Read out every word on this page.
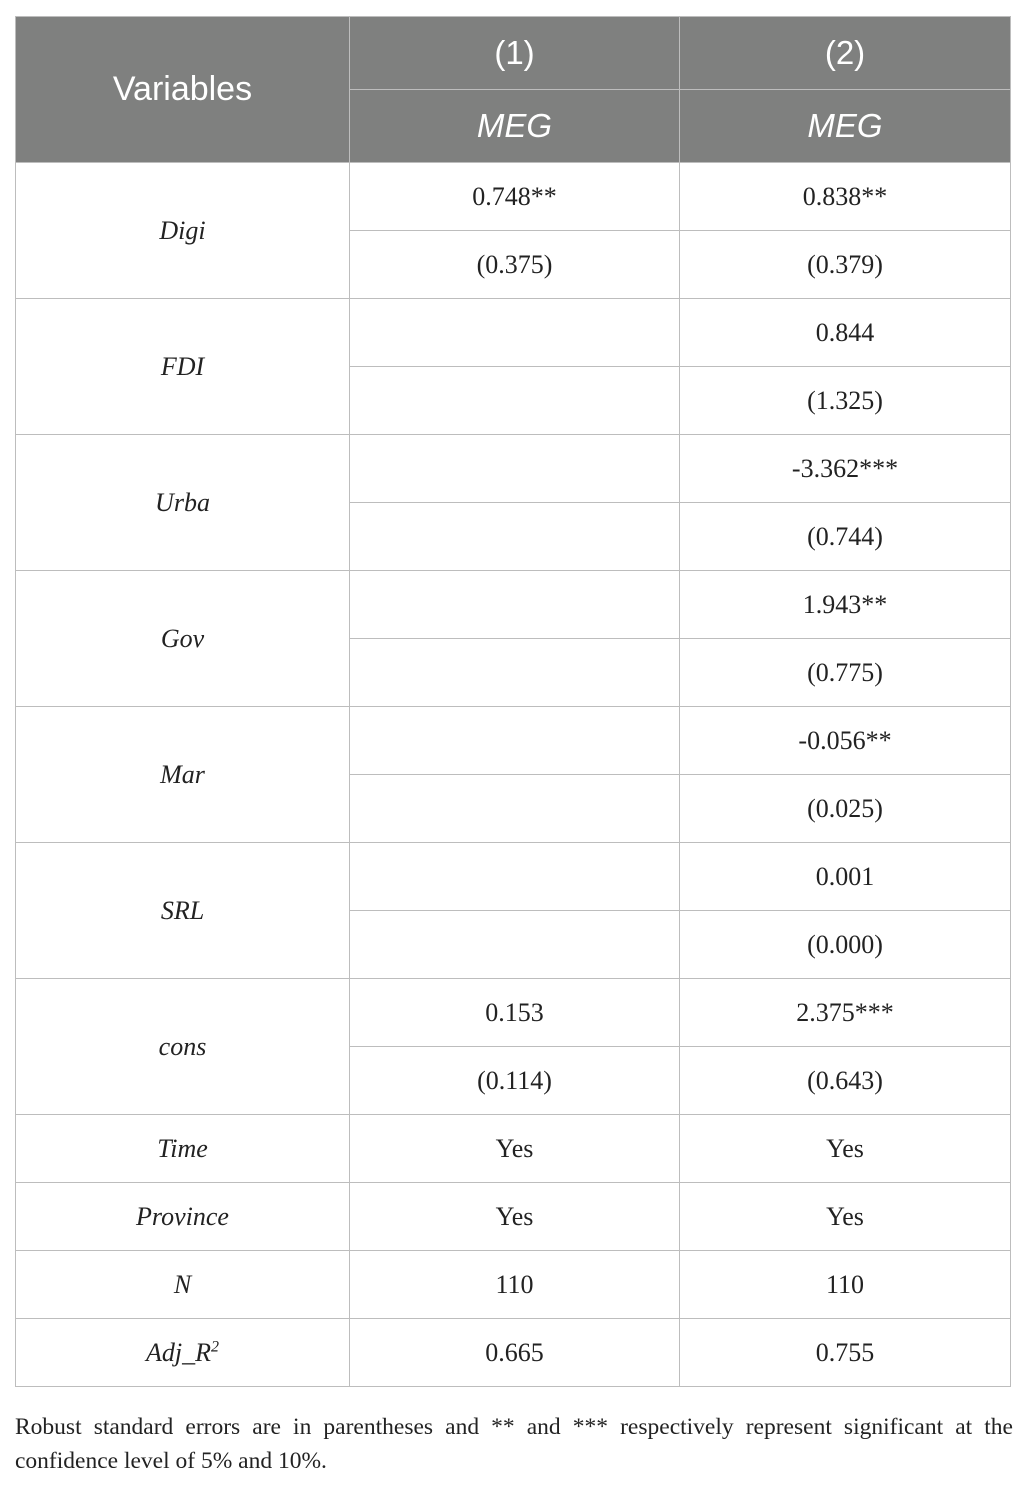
Variables	(1)	(2)
	MEG	MEG
Digi	0.748**	0.838**
	(0.375)	(0.379)
FDI		0.844
		(1.325)
Urba		-3.362***
		(0.744)
Gov		1.943**
		(0.775)
Mar		-0.056**
		(0.025)
SRL		0.001
		(0.000)
cons	0.153	2.375***
	(0.114)	(0.643)
Time	Yes	Yes
Province	Yes	Yes
N	110	110
$Adj\_R^2$	0.665	0.755
Robust standard errors are in parentheses and ** and *** respectively represent significant at the confidence level of 5% and 10%.
